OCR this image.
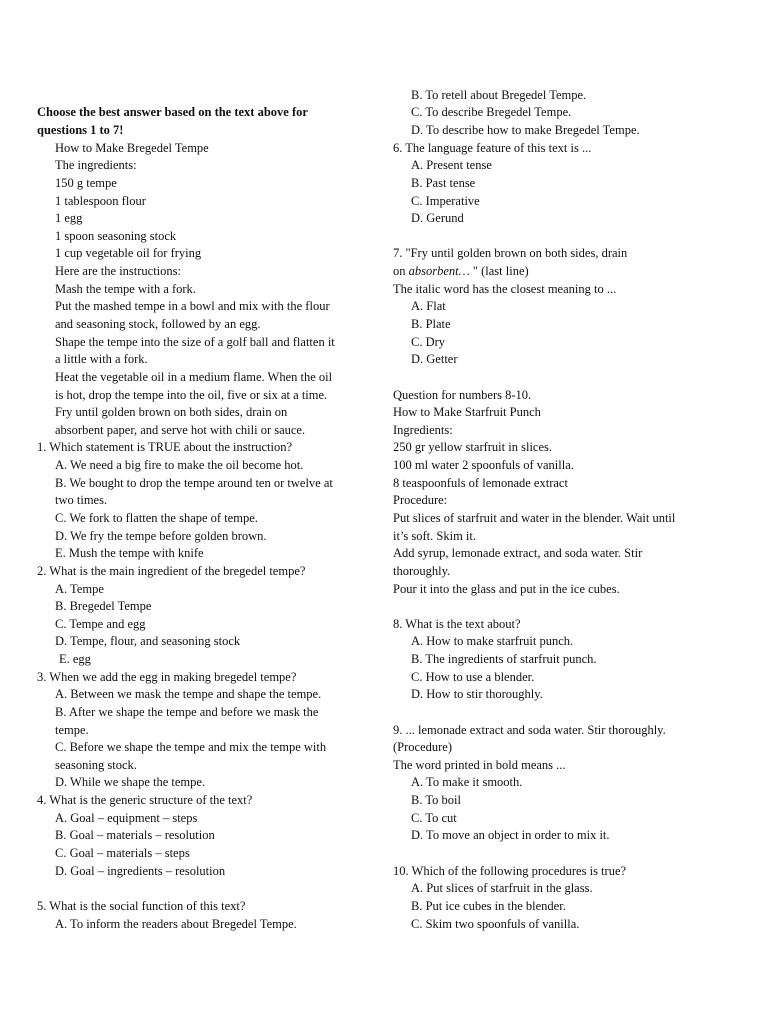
Choose the best answer based on the text above for
questions 1 to 7!
How to Make Bregedel Tempe
The ingredients:
150 g tempe
1 tablespoon flour
1 egg
1 spoon seasoning stock
1 cup vegetable oil for frying
Here are the instructions:
Mash the tempe with a fork.
Put the mashed tempe in a bowl and mix with the flour
and seasoning stock, followed by an egg.
Shape the tempe into the size of a golf ball and flatten it
a little with a fork.
Heat the vegetable oil in a medium flame. When the oil
is hot, drop the tempe into the oil, five or six at a time.
Fry until golden brown on both sides, drain on
absorbent paper, and serve hot with chili or sauce.
1. Which statement is TRUE about the instruction?
A. We need a big fire to make the oil become hot.
B. We bought to drop the tempe around ten or twelve at
two times.
C. We fork to flatten the shape of tempe.
D. We fry the tempe before golden brown.
E. Mush the tempe with knife
2. What is the main ingredient of the bregedel tempe?
A. Tempe
B. Bregedel Tempe
C. Tempe and egg
D. Tempe, flour, and seasoning stock
E. egg
3. When we add the egg in making bregedel tempe?
A. Between we mask the tempe and shape the tempe.
B. After we shape the tempe and before we mask the
tempe.
C. Before we shape the tempe and mix the tempe with
seasoning stock.
D. While we shape the tempe.
4. What is the generic structure of the text?
A. Goal – equipment – steps
B. Goal – materials – resolution
C. Goal – materials – steps
D. Goal – ingredients – resolution
5. What is the social function of this text?
A. To inform the readers about Bregedel Tempe.
B. To retell about Bregedel Tempe.
C. To describe Bregedel Tempe.
D. To describe how to make Bregedel Tempe.
6. The language feature of this text is ...
A. Present tense
B. Past tense
C. Imperative
D. Gerund
7. "Fry until golden brown on both sides, drain
on absorbent… " (last line)
The italic word has the closest meaning to ...
A. Flat
B. Plate
C. Dry
D. Getter
Question for numbers 8-10.
How to Make Starfruit Punch
Ingredients:
250 gr yellow starfruit in slices.
100 ml water 2 spoonfuls of vanilla.
8 teaspoonfuls of lemonade extract
Procedure:
Put slices of starfruit and water in the blender. Wait until
it’s soft. Skim it.
Add syrup, lemonade extract, and soda water. Stir
thoroughly.
Pour it into the glass and put in the ice cubes.
8. What is the text about?
A. How to make starfruit punch.
B. The ingredients of starfruit punch.
C. How to use a blender.
D. How to stir thoroughly.
9. ... lemonade extract and soda water. Stir thoroughly.
(Procedure)
The word printed in bold means ...
A. To make it smooth.
B. To boil
C. To cut
D. To move an object in order to mix it.
10. Which of the following procedures is true?
A. Put slices of starfruit in the glass.
B. Put ice cubes in the blender.
C. Skim two spoonfuls of vanilla.
